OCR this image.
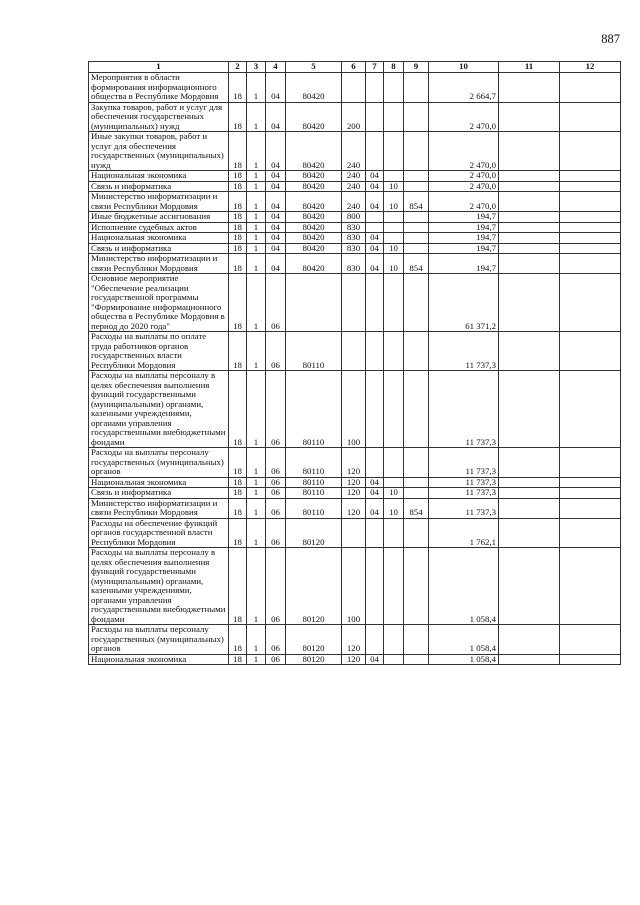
887
1	2	3	4	5	6	7	8	9	10	11	12
Мероприятия в области формирования информационного общества в Республике Мордовия	18	1	04	80420					2 664,7		
Закупка товаров, работ и услуг для обеспечения государственных (муниципальных) нужд	18	1	04	80420	200				2 470,0		
Иные закупки товаров, работ и услуг для обеспечения государственных (муниципальных) нужд	18	1	04	80420	240				2 470,0		
Национальная экономика	18	1	04	80420	240	04			2 470,0		
Связь и информатика	18	1	04	80420	240	04	10		2 470,0		
Министерство информатизации и связи Республики Мордовия	18	1	04	80420	240	04	10	854	2 470,0		
Иные бюджетные ассигнования	18	1	04	80420	800				194,7		
Исполнение судебных актов	18	1	04	80420	830				194,7		
Национальная экономика	18	1	04	80420	830	04			194,7		
Связь и информатика	18	1	04	80420	830	04	10		194,7		
Министерство информатизации и связи Республики Мордовия	18	1	04	80420	830	04	10	854	194,7		
Основное мероприятие "Обеспечение реализации государственной программы "Формирование информационного общества в Республике Мордовия в период до 2020 года"	18	1	06						61 371,2		
Расходы на выплаты по оплате труда работников органов государственных власти Республики Мордовия	18	1	06	80110					11 737,3		
Расходы на выплаты персоналу в целях обеспечения выполнения функций государственными (муниципальными) органами, казенными учреждениями, органами управления государственными внебюджетными фондами	18	1	06	80110	100				11 737,3		
Расходы на выплаты персоналу государственных (муниципальных) органов	18	1	06	80110	120				11 737,3		
Национальная экономика	18	1	06	80110	120	04			11 737,3		
Связь и информатика	18	1	06	80110	120	04	10		11 737,3		
Министерство информатизации и связи Республики Мордовия	18	1	06	80110	120	04	10	854	11 737,3		
Расходы на обеспечение функций органов государственной власти Республики Мордовия	18	1	06	80120					1 762,1		
Расходы на выплаты персоналу в целях обеспечения выполнения функций государственными (муниципальными) органами, казенными учреждениями, органами управления государственными внебюджетными фондами	18	1	06	80120	100				1 058,4		
Расходы на выплаты персоналу государственных (муниципальных) органов	18	1	06	80120	120				1 058,4		
Национальная экономика	18	1	06	80120	120	04			1 058,4		
